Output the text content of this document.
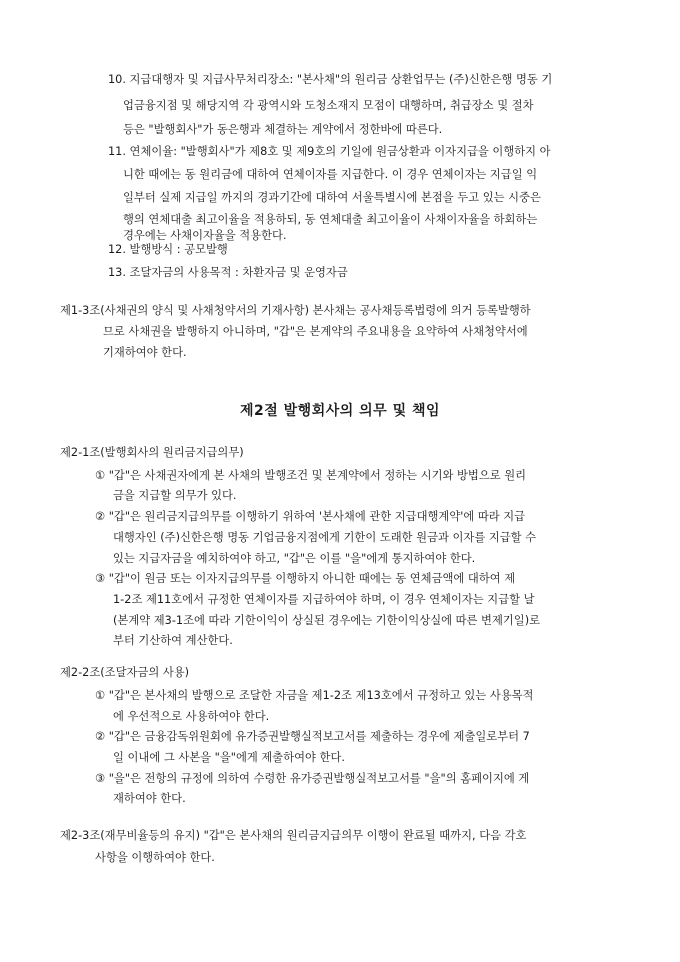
10. 지급대행자 및 지급사무처리장소: "본사채"의 원리금 상환업무는 (주)신한은행 명동 기
업금융지점 및 해당지역 각 광역시와 도청소재지 모점이 대행하며, 취급장소 및 절차
등은 "발행회사"가 동은행과 체결하는 계약에서 정한바에 따른다.
11. 연체이율: "발행회사"가 제8호 및 제9호의 기일에 원금상환과 이자지급을 이행하지 아
니한 때에는 동 원리금에 대하여 연체이자를 지급한다. 이 경우 연체이자는 지급일 익
일부터 실제 지급일 까지의 경과기간에 대하여 서울특별시에 본점을 두고 있는 시중은
행의 연체대출 최고이율을 적용하되, 동 연체대출 최고이율이 사채이자율을 하회하는
경우에는 사채이자율을 적용한다.
12. 발행방식 : 공모발행
13. 조달자금의 사용목적 : 차환자금 및 운영자금
제1-3조(사채권의 양식 및 사채청약서의 기재사항) 본사채는 공사채등록법령에 의거 등록발행하
므로 사채권을 발행하지 아니하며, "갑"은 본계약의 주요내용을 요약하여 사채청약서에
기재하여야 한다.
제2절 발행회사의 의무 및 책임
제2-1조(발행회사의 원리금지급의무)
① "갑"은 사채권자에게 본 사채의 발행조건 및 본계약에서 정하는 시기와 방법으로 원리
금을 지급할 의무가 있다.
② "갑"은 원리금지급의무를 이행하기 위하여 '본사채에 관한 지급대행계약'에 따라 지급
대행자인 (주)신한은행 명동 기업금융지점에게 기한이 도래한 원금과 이자를 지급할 수
있는 지급자금을 예치하여야 하고, "갑"은 이를 "을"에게 통지하여야 한다.
③ "갑"이 원금 또는 이자지급의무를 이행하지 아니한 때에는 동 연체금액에 대하여 제
1-2조 제11호에서 규정한 연체이자를 지급하여야 하며, 이 경우 연체이자는 지급할 날
(본계약 제3-1조에 따라 기한이익이 상실된 경우에는 기한이익상실에 따른 변제기일)로
부터 기산하여 계산한다.
제2-2조(조달자금의 사용)
① "갑"은 본사채의 발행으로 조달한 자금을 제1-2조 제13호에서 규정하고 있는 사용목적
에 우선적으로 사용하여야 한다.
② "갑"은 금융감독위원회에 유가증권발행실적보고서를 제출하는 경우에 제출일로부터 7
일 이내에 그 사본을 "을"에게 제출하여야 한다.
③ "을"은 전항의 규정에 의하여 수령한 유가증권발행실적보고서를 "을"의 홈페이지에 게
재하여야 한다.
제2-3조(재무비율등의 유지) "갑"은 본사채의 원리금지급의무 이행이 완료될 때까지, 다음 각호
사항을 이행하여야 한다.
